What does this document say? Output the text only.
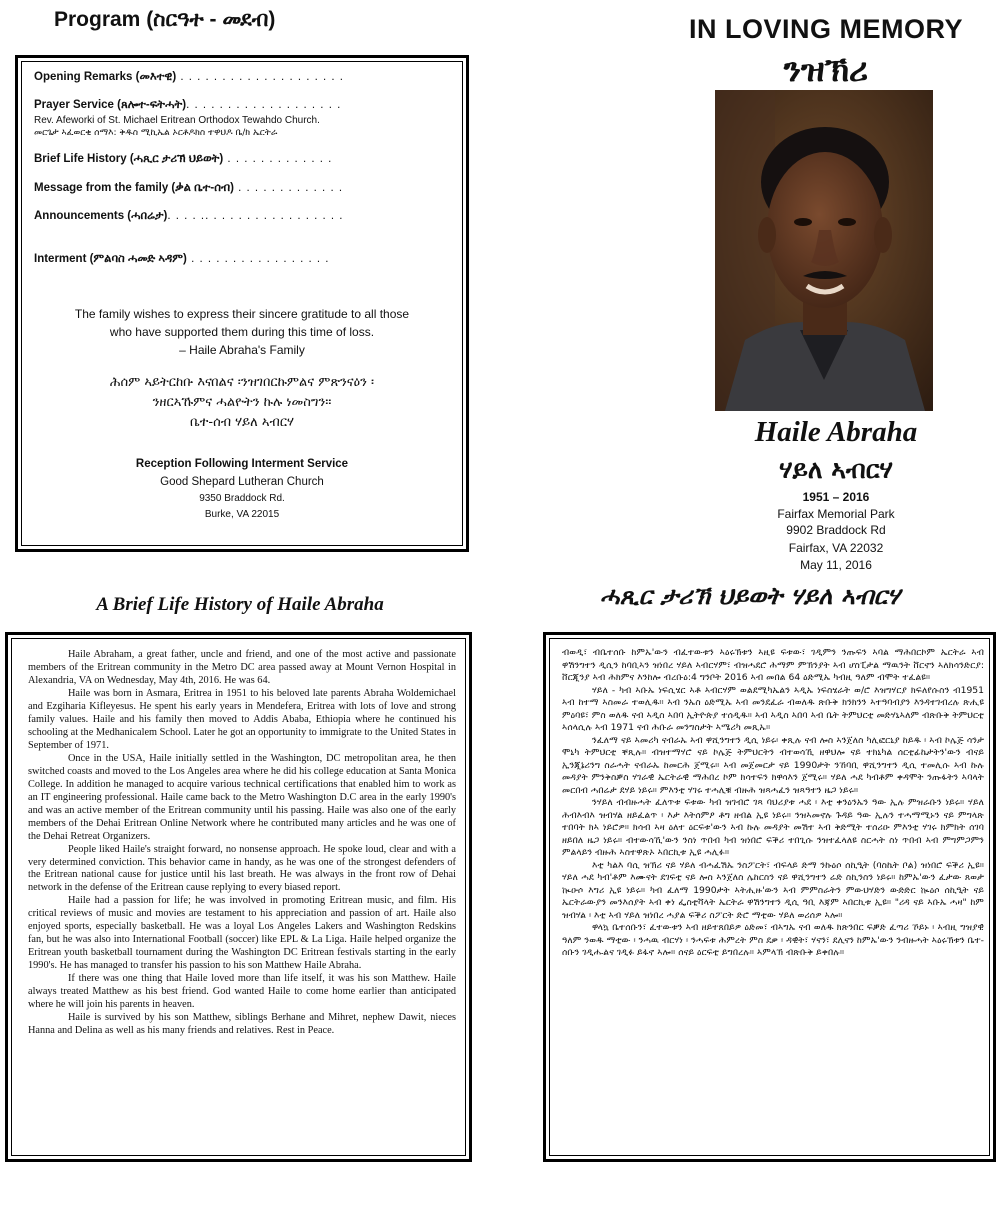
Program (ስርዓተ - መደብ)
Opening Remarks (መእተዊ) . . . . . . . . . . . . . . . . . . . .
Prayer Service (ጸሎተ-ፍትሓት). . . . . . . . . . . . . . . . . . .
Rev. Afeworki of St. Michael Eritrean Orthodox Tewahdo Church.
መርጌታ ኣፈወርቂ ሰማእ: ቅዱስ ሚኪኤል ኦርቶዶክስ ተዋህዶ ቤ/ክ ኤርትራ
Brief Life History (ሓጺር ታሪኽ ህይወት) . . . . . . . . . . . . .
Message from the family (ቃል ቤተ-ሰብ) . . . . . . . . . . . . .
Announcements (ሓበሬታ). . . . .. . . . . . . . . . . . . . . . .
Interment (ምልባስ ሓመድ ኣዳም) . . . . . . . . . . . . . . . . .
The family wishes to express their sincere gratitude to all those
who have supported them during this time of loss.
– Haile Abraha's Family
ሕሰም ኣይትርከቡ እናበልና ፡ንዝገበርኩምልና ምጽንናዕን ፡
ንዘርኣኹምና ሓልዮትን ኩሉ ነመስግን።
ቤተ-ሰብ ሃይለ ኣብርሃ
Reception Following Interment Service
Good Shepard Lutheran Church
9350 Braddock Rd.
Burke, VA 22015
IN LOVING MEMORY
ንዝኽሪ
Haile Abraha
ሃይለ ኣብርሃ
1951 – 2016
Fairfax Memorial Park
9902 Braddock Rd
Fairfax, VA 22032
May 11, 2016
A Brief Life History of Haile Abraha	ሓጺር ታሪኽ ህይወት ሃይለ ኣብርሃ

Haile Abraham, a great father, uncle and friend, and one of the most active and passionate members of the Eritrean community in the Metro DC area passed away at Mount Vernon Hospital in Alexandria, VA on Wednesday, May 4th, 2016. He was 64.

Haile was born in Asmara, Eritrea in 1951 to his beloved late parents Abraha Woldemichael and Ezgiharia Kifleyesus. He spent his early years in Mendefera, Eritrea with lots of love and strong family values. Haile and his family then moved to Addis Ababa, Ethiopia where he continued his schooling at the Medhanicalem School. Later he got an opportunity to immigrate to the United States in September of 1971.

Once in the USA, Haile initially settled in the Washington, DC metropolitan area, he then switched coasts and moved to the Los Angeles area where he did his college education at Santa Monica College. In addition he managed to acquire various technical certifications that enabled him to work as an IT engineering professional. Haile came back to the Metro Washington D.C area in the early 1990's and was an active member of the Eritrean community until his passing. Haile was also one of the early members of the Dehai Eritrean Online Network where he contributed many articles and he was one of the Dehai Retreat Organizers.

People liked Haile's straight forward, no nonsense approach. He spoke loud, clear and with a very determined conviction. This behavior came in handy, as he was one of the strongest defenders of the Eritrean national cause for justice until his last breath. He was always in the front row of Dehai network in the defense of the Eritrean cause replying to every biased report.

Haile had a passion for life; he was involved in promoting Eritrean music, and film. His critical reviews of music and movies are testament to his appreciation and passion of art. Haile also enjoyed sports, especially basketball. He was a loyal Los Angeles Lakers and Washington Redskins fan, but he was also into International Football (soccer) like EPL & La Liga. Haile helped organize the Eritrean youth basketball tournament during the Washington DC Eritrean festivals starting in the early 1990's. He has managed to transfer his passion to his son Matthew Haile Abraha.

If there was one thing that Haile loved more than life itself, it was his son Matthew. Haile always treated Matthew as his best friend. God wanted Haile to come home earlier than anticipated where he will join his parents in heaven.

Haile is survived by his son Matthew, siblings Berhane and Mihret, nephew Dawit, nieces Hanna and Delina as well as his many friends and relatives. Rest in Peace.

ብወዲ፣ ብቤተሰቡ ከምኡ'ውን ብፈተውቱን ኣዕሩኽቱን ኣዚዩ ፍቱው፣ ገዲምን ንጡፍን ኣባል ማሕበርኮም ኤርትራ ኣብ ዋሽንግተን ዲሲን ከባቢኣን ዝነበረ ሃይለ ኣብርሃም፣ ብዝሓደሮ ሕማም ምኽንያት ኣብ ሆስፒታል ማዉንት ቨርኖን ኣለክሳንድርያ: ቨርጂንያ ኣብ ሕክምና እንከሎ ብረቡዕ:4 ግንቦት 2016 ኣብ መበል 64 ዕድሚኡ ካብዚ ዓለም ብሞት ተፈልዩ።

ሃይለ - ካብ ኣቡኡ ነፍሲሄር ኣቶ ኣብርሃም ወልደሚካኤልን ኣዲኡ ነፍስሄራት ወ/ሮ እዝግሃርያ ክፍለየሱስን ብ1951 ኣብ ከተማ ኣስመራ ተወሊዱ። ኣብ ንኡስ ዕድሚኡ ኣብ መንደፈራ ብወለዱ ጽቡቅ ክንክንን ኣተዓባብያን እንዳተገብረሉ ጽሒዩ ምዕባዩ፣ ምስ ወለዱ ናብ ኣዲስ ኣበባ ኢትዮጵያ ተሰዲዱ። ኣብ ኣዲስ ኣበባ ኣብ ቤት ትምህርቲ መድሃኒኣለም ብጽቡቅ ትምህርቲ ኣሰላሲሉ ኣብ 1971 ናብ ሕቡራ መንግስታት ኣሜሪካ መጺኡ።

ንፈለማ ናይ ኣመሪካ ናብራኡ ኣብ ዋሺንግተን ዲሲ ነይሩ፡ ቀጺሉ ናብ ሎስ ኣንጀለስ ካሊፎርኒያ ከይዱ ፡ ኣብ ኮሌጅ ሳንታ ሞኒካ ትምህርቲ ቐጺሉ። ብዝተማሃሮ ናይ ኮሌጅ ትምህርትን ብተወሳኺ ዘዋህሎ ናይ ተክኒካል ሰርቲፊኬታትን'ውን ብናይ ኢንጂኔሪንግ ስራሓት ናብራኡ ከመርሕ ጀሚሩ። ኣብ መጀመርታ ናይ 1990ታት ንኸባቢ ዋሺንግተን ዲሲ ተመሊሱ ኣብ ኩሉ መዳያት ምንቅስቓስ ሃገራዊ ኤርትራዊ ማሕበረ ኮም ክሳተፍን ክዋሳእን ጀሚሩ። ሃይለ ሓደ ካብቶም ቀዳሞት ንጡፋትን ኣባላት መርበብ ሓበሬታ ደሃይ ነይሩ። ምእንቲ ሃገሩ ተሓሊቑ ብዙሕ ዝጻሓፈን ዝጻዓተን ዜጋ ነይሩ።

ንሃይለ ብብዙሓት ፈለጥቱ ፍቱው ካብ ዝገብሮ ገጻ ባህሪያቱ ሓደ ፡ እቲ ቀንዕንኡን ዓው ኢሉ ምዝራቡን ነይሩ። ሃይለ ሕብእብእ ዝብሃል ዘይፈልጥ ፡ እታ እትሰምዖ ቶግ ዘብል ኢዩ ነይሩ። ንዝኣመኖሉ ጉዳይ ዓው ኢሉን ተሓማሚኑን ናይ ምግላጽ ተበባት ክኣ ነይሮዎ። ክሳብ ኣዛ ዕለተ ዕርፍቱ'ውን ኣብ ኩሉ መዳያት መሽተ ኣብ ቅድሚት ተሰሪዑ ምእንቲ ሃገሩ ክምክት ሰገባ ዘይበለ ዜጋ ነይሩ። ብተውሳኺ'ውን ንስነ ጥበብ ካብ ዝነበሮ ፍቕሪ ተበጊሱ ንዝተፈላለዩ ስርሓት ስነ ጥበብ ኣብ ምግምጋምን ምልላይን ብዙሕ ኣስተዋጽኦ ኣበርኪቱ ኢዩ ሓሊፉ።

እቲ ካልእ ባሲ ዝኽሪ ናይ ሃይለ ብሓፈሽኡ ንስፖርት፣ ብፍላይ ድማ ንኩዕሶ ሰኪዒት (ባስኬት ቦል) ዝነበሮ ፍቕሪ ኢዩ። ሃይለ ሓደ ካብ'ቶም እሙናት ደገፍቲ ናይ ሎስ ኣንጀለስ ሌከርስን ናይ ዋሺንግተን ሬድ ስኪንስን ነይሩ። ከምኡ'ውን ፈታው ጸወታ ኲዑሶ እግሪ ኢዩ ነይሩ። ካብ ፈለማ 1990ታት ኣትሒዙ'ውን ኣብ ምምስራትን ምውህሃድን ውድድር ኲዕሶ ሰኪዒት ናይ ኤርትራውያን መንእሰያት ኣብ ቀነ ፌስቲቫላት ኤርትራ ዋሽንግተን ዲሲ ዓቢ እጃም ኣበርኪቱ ኢዩ። "ሪዳ ናይ ኣቡኡ ሓዛ" ከም ዝብሃል ፡ እቲ ኣብ ሃይለ ዝነበረ ሓያል ፍቕሪ ስፖርት ድሮ ማቲው ሃይለ ወሪሰዎ ኣሎ።

ዋላኳ ቤተሰቡን፣ ፈተውቱን ኣብ ዘይተጸበይዎ ዕድመ፣ ብኣግኡ ናብ ወለዱ ክጽንበር ፍቓድ ፈጣሪ ኾይኑ ፡ ኣብዚ ግዝያዊ ዓለም ንወዱ ማቲው ፡ ንሓዉ ብርሃነ ፡ ንሓፍቱ ሕምረት ምስ ደቃ ፡ ዳዊት፣ ሃናን፣ ደሊናን ከምኡ'ውን ንብዙሓት ኣዕሩኽቱን ቤተ-ሰቡን ገዲሑልና ገዲፉ ይፋኖ ኣሎ። ሰናይ ዕርፍቲ ይግበረሉ። ኣምላኽ ብጽቡቅ ይቀበሉ።
